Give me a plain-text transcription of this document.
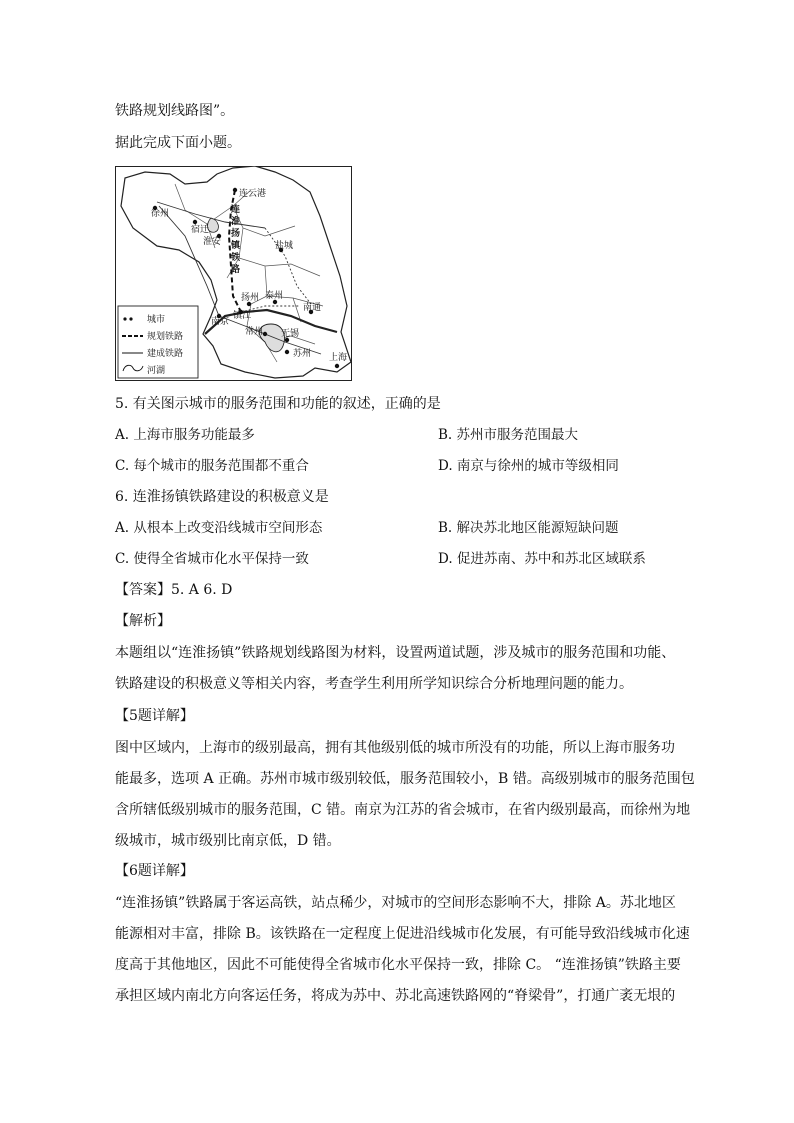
铁路规划线路图”。
据此完成下面小题。
连云港
徐州
宿迁
淮安	盐城
扬州 泰州
南通
镇江
南京
常州 无锡
苏州 上海
连
淮
扬
镇
铁
路
城市
规划铁路
建成铁路
河湖
5. 有关图示城市的服务范围和功能的叙述，正确的是
A. 上海市服务功能最多	B. 苏州市服务范围最大
C. 每个城市的服务范围都不重合	D. 南京与徐州的城市等级相同
6. 连淮扬镇铁路建设的积极意义是
A. 从根本上改变沿线城市空间形态	B. 解决苏北地区能源短缺问题
C. 使得全省城市化水平保持一致	D. 促进苏南、苏中和苏北区域联系
【答案】5. A 6. D
【解析】
本题组以“连淮扬镇”铁路规划线路图为材料，设置两道试题，涉及城市的服务范围和功能、
铁路建设的积极意义等相关内容，考查学生利用所学知识综合分析地理问题的能力。
【5题详解】
图中区域内，上海市的级别最高，拥有其他级别低的城市所没有的功能，所以上海市服务功
能最多，选项 A 正确。苏州市城市级别较低，服务范围较小，B 错。高级别城市的服务范围包
含所辖低级别城市的服务范围，C 错。南京为江苏的省会城市，在省内级别最高，而徐州为地
级城市，城市级别比南京低，D 错。
【6题详解】
“连淮扬镇”铁路属于客运高铁，站点稀少，对城市的空间形态影响不大，排除 A。苏北地区
能源相对丰富，排除 B。该铁路在一定程度上促进沿线城市化发展，有可能导致沿线城市化速
度高于其他地区，因此不可能使得全省城市化水平保持一致，排除 C。 “连淮扬镇”铁路主要
承担区域内南北方向客运任务，将成为苏中、苏北高速铁路网的“脊梁骨”，打通广袤无垠的
